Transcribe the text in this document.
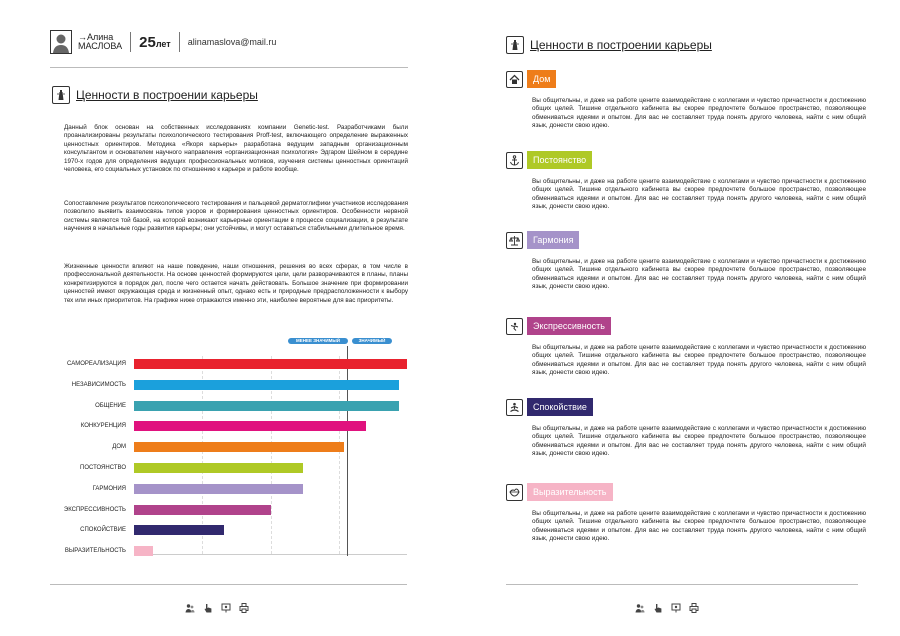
→Алина
МАСЛОВА 25лет alinamaslova@mail.ru
Ценности в построении карьеры

Данный блок основан на собственных исследованиях компании Genetic-test. Разработчиками были проанализированы результаты психологического тестирования Proff-test, включающего определение выраженных ценностных ориентиров. Методика «Якоря карьеры» разработана ведущим западным организационным консультантом и основателем научного направления «организационная психология» Эдгаром Шейном в середине 1970-х годов для определения ведущих профессиональных мотивов, изучения системы ценностных ориентаций человека, его социальных установок по отношению к карьере и работе вообще.

Сопоставление результатов психологического тестирования и пальцевой дерматоглифики участников исследования позволило выявить взаимосвязь типов узоров и формирования ценностных ориентиров. Особенности нервной системы являются той базой, на которой возникают карьерные ориентации в процессе социализации, в результате научения в начальные годы развития карьеры; они устойчивы, и могут оставаться стабильными длительное время.

Жизненные ценности влияют на наше поведение, наши отношения, решения во всех сферах, в том числе в профессиональной деятельности. На основе ценностей формируются цели, цели разворачиваются в планы, планы конкретизируются в порядок дел, после чего остается начать действовать. Большое значение при формировании ценностей имеют окружающая среда и жизненный опыт, однако есть и природные предрасположенности к выбору тех или иных приоритетов. На графике ниже отражаются именно эти, наиболее вероятные для вас приоритеты.

МЕНЕЕ ЗНАЧИМЫЙ	ЗНАЧИМЫЙ
САМОРЕАЛИЗАЦИЯ
НЕЗАВИСИМОСТЬ
ОБЩЕНИЕ
КОНКУРЕНЦИЯ
ДОМ
ПОСТОЯНСТВО
ГАРМОНИЯ
ЭКСПРЕССИВНОСТЬ
СПОКОЙСТВИЕ
ВЫРАЗИТЕЛЬНОСТЬ
Ценности в построении карьеры
Дом

Вы общительны, и даже на работе цените взаимодействие с коллегами и чувство причастности к достижению общих целей. Тишине отдельного кабинета вы скорее предпочтете большое пространство, позволяющее обмениваться идеями и опытом. Для вас не составляет труда понять другого человека, найти с ним общий язык, донести свою идею.

Постоянство

Вы общительны, и даже на работе цените взаимодействие с коллегами и чувство причастности к достижению общих целей. Тишине отдельного кабинета вы скорее предпочтете большое пространство, позволяющее обмениваться идеями и опытом. Для вас не составляет труда понять другого человека, найти с ним общий язык, донести свою идею.

Гармония

Вы общительны, и даже на работе цените взаимодействие с коллегами и чувство причастности к достижению общих целей. Тишине отдельного кабинета вы скорее предпочтете большое пространство, позволяющее обмениваться идеями и опытом. Для вас не составляет труда понять другого человека, найти с ним общий язык, донести свою идею.

Экспрессивность

Вы общительны, и даже на работе цените взаимодействие с коллегами и чувство причастности к достижению общих целей. Тишине отдельного кабинета вы скорее предпочтете большое пространство, позволяющее обмениваться идеями и опытом. Для вас не составляет труда понять другого человека, найти с ним общий язык, донести свою идею.

Спокойствие

Вы общительны, и даже на работе цените взаимодействие с коллегами и чувство причастности к достижению общих целей. Тишине отдельного кабинета вы скорее предпочтете большое пространство, позволяющее обмениваться идеями и опытом. Для вас не составляет труда понять другого человека, найти с ним общий язык, донести свою идею.

Выразительность

Вы общительны, и даже на работе цените взаимодействие с коллегами и чувство причастности к достижению общих целей. Тишине отдельного кабинета вы скорее предпочтете большое пространство, позволяющее обмениваться идеями и опытом. Для вас не составляет труда понять другого человека, найти с ним общий язык, донести свою идею.
